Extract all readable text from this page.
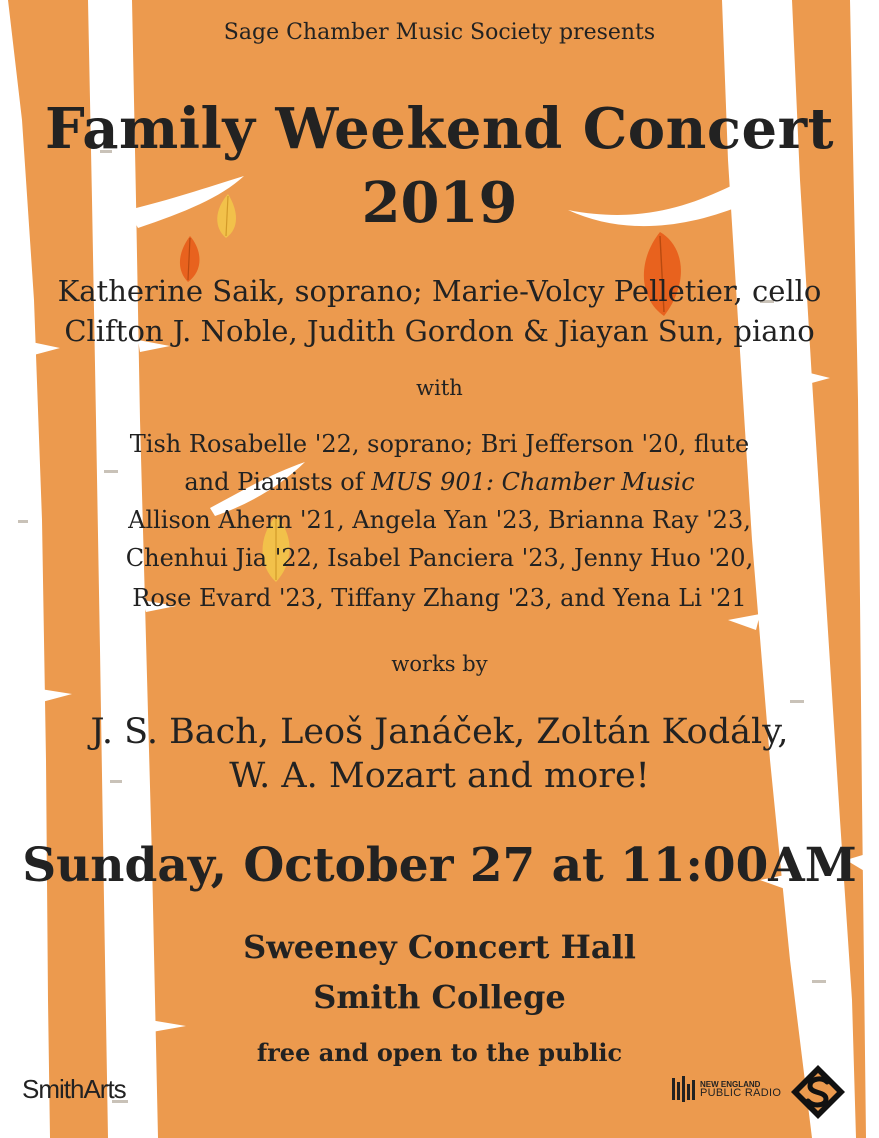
Sage Chamber Music Society presents
Family Weekend Concert
2019
Katherine Saik, soprano; Marie-Volcy Pelletier, cello
Clifton J. Noble, Judith Gordon & Jiayan Sun, piano
with
Tish Rosabelle '22, soprano; Bri Jefferson '20, flute
and Pianists of MUS 901: Chamber Music
Allison Ahern '21, Angela Yan '23, Brianna Ray '23,
Chenhui Jia '22, Isabel Panciera '23, Jenny Huo '20,
Rose Evard '23, Tiffany Zhang '23, and Yena Li '21
works by
J. S. Bach, Leoš Janáček, Zoltán Kodály,
W. A. Mozart and more!
Sunday, October 27 at 11:00AM
Sweeney Concert Hall
Smith College
free and open to the public
SmithArts	NEW ENGLAND
PUBLIC RADIO
